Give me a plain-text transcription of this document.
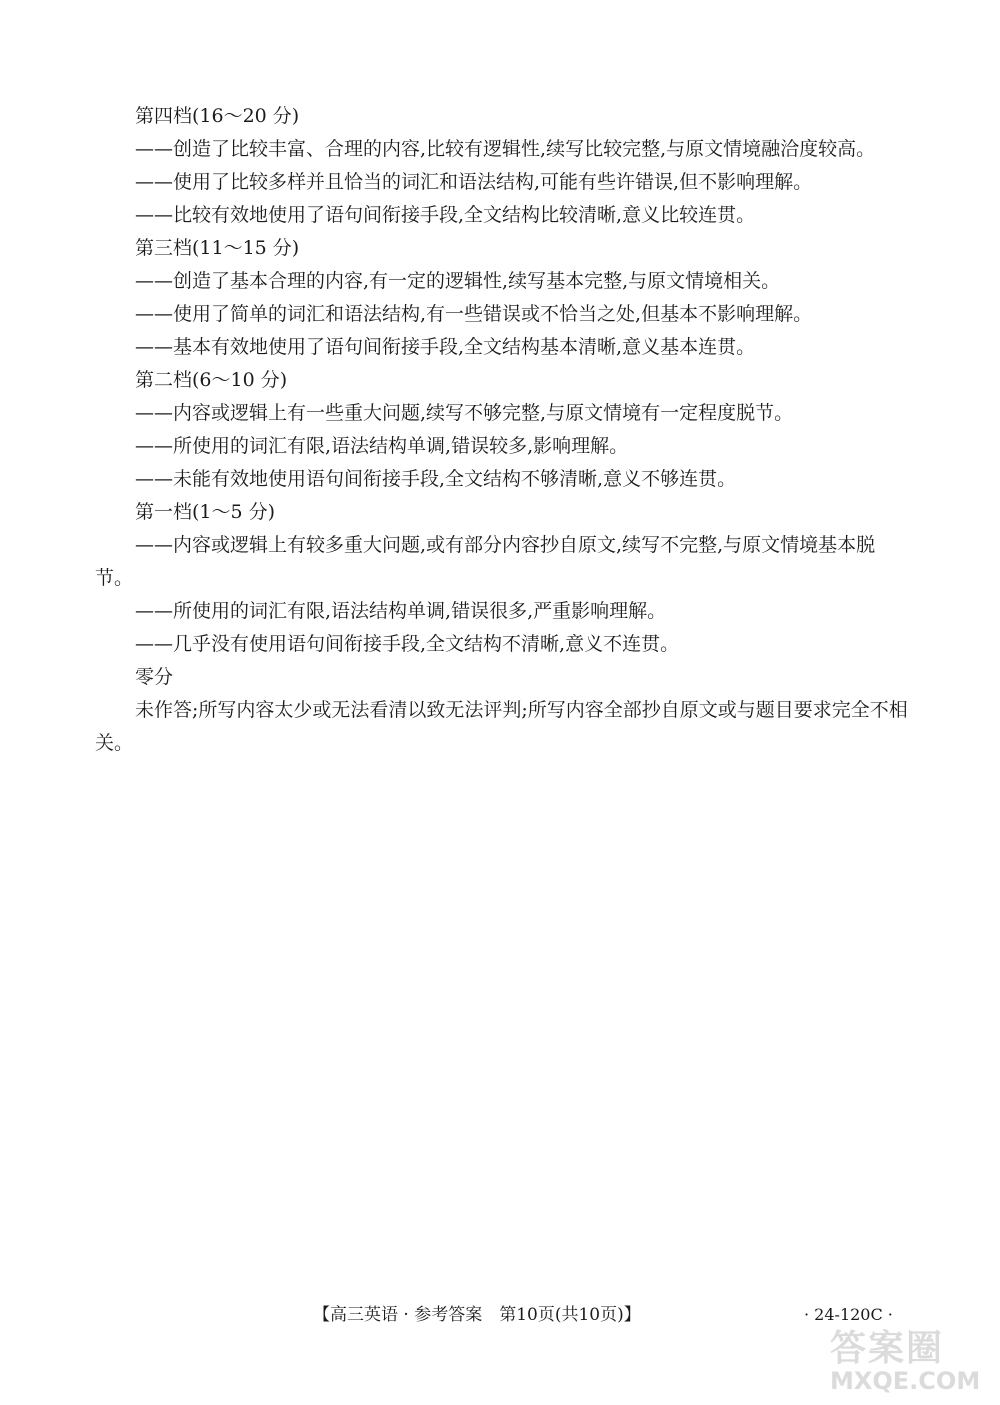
第四档(16～20 分)

——创造了比较丰富、合理的内容,比较有逻辑性,续写比较完整,与原文情境融洽度较高。

——使用了比较多样并且恰当的词汇和语法结构,可能有些许错误,但不影响理解。

——比较有效地使用了语句间衔接手段,全文结构比较清晰,意义比较连贯。

第三档(11～15 分)

——创造了基本合理的内容,有一定的逻辑性,续写基本完整,与原文情境相关。

——使用了简单的词汇和语法结构,有一些错误或不恰当之处,但基本不影响理解。

——基本有效地使用了语句间衔接手段,全文结构基本清晰,意义基本连贯。

第二档(6～10 分)

——内容或逻辑上有一些重大问题,续写不够完整,与原文情境有一定程度脱节。

——所使用的词汇有限,语法结构单调,错误较多,影响理解。

——未能有效地使用语句间衔接手段,全文结构不够清晰,意义不够连贯。

第一档(1～5 分)

——内容或逻辑上有较多重大问题,或有部分内容抄自原文,续写不完整,与原文情境基本脱节。

——所使用的词汇有限,语法结构单调,错误很多,严重影响理解。

——几乎没有使用语句间衔接手段,全文结构不清晰,意义不连贯。

零分

未作答;所写内容太少或无法看清以致无法评判;所写内容全部抄自原文或与题目要求完全不相关。

【高三英语 · 参考答案　第10页(共10页)】	· 24-120C ·
答案圈
MXQE.COM
